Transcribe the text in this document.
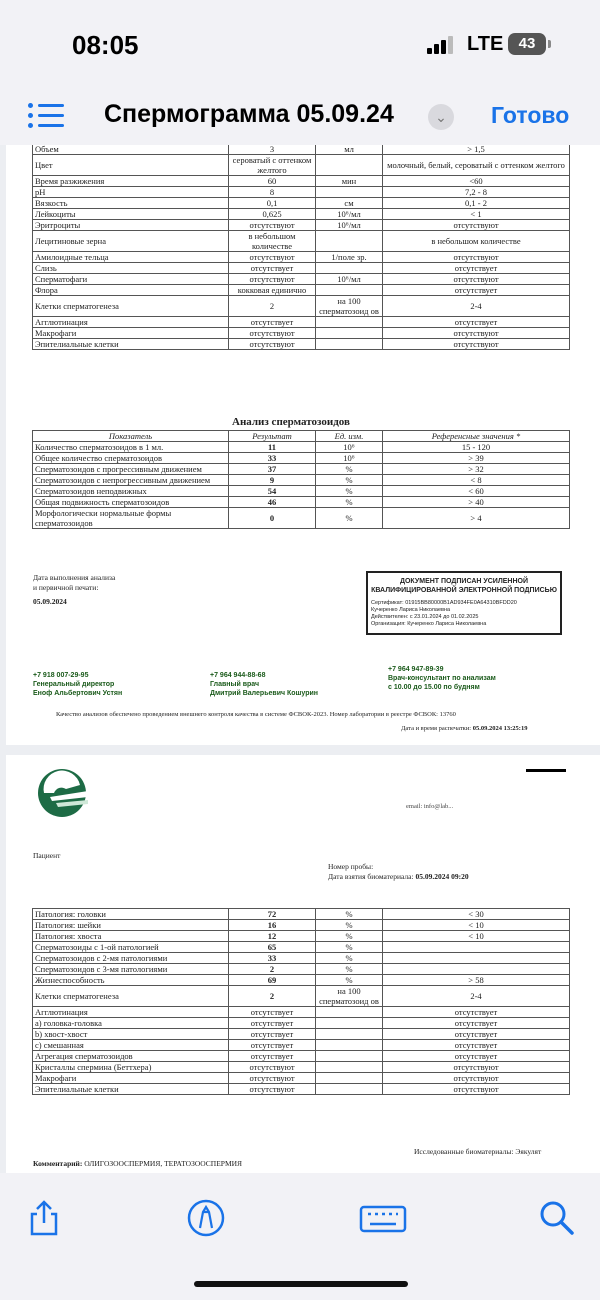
08:05	LTE	43
Спермограмма 05.09.24	⌄	Готово
Объем	3	мл	> 1,5
Цвет	сероватый с оттенком желтого		молочный, белый, сероватый с оттенком желтого
Время разжижения	60	мин	<60
pH	8		7,2 - 8
Вязкость	0,1	см	0,1 - 2
Лейкоциты	0,625	10⁶/мл	< 1
Эритроциты	отсутствуют	10⁶/мл	отсутствуют
Лецитиновые зерна	в небольшом количестве		в небольшом количестве
Амилоидные тельца	отсутствуют	1/поле зр.	отсутствуют
Слизь	отсутствует		отсутствует
Сперматофаги	отсутствуют	10⁶/мл	отсутствуют
Флора	кокковая единично		отсутствует
Клетки сперматогенеза	2	на 100 сперматозоид ов	2-4
Агглютинация	отсутствует		отсутствует
Макрофаги	отсутствуют		отсутствуют
Эпителиальные клетки	отсутствуют		отсутствуют
Анализ сперматозоидов
Показатель	Результат	Ед. изм.	Референсные значения *
Количество сперматозоидов в 1 мл.	11	10⁶	15 - 120
Общее количество сперматозоидов	33	10⁶	> 39
Сперматозоидов с прогрессивным движением	37	%	> 32
Сперматозоидов с непрогрессивным движением	9	%	< 8
Сперматозоидов неподвижных	54	%	< 60
Общая подвижность сперматозоидов	46	%	> 40
Морфологически нормальные формы сперматозоидов	0	%	> 4
Дата выполнения анализа
и первичной печати:
05.09.2024
ДОКУМЕНТ ПОДПИСАН УСИЛЕННОЙ
КВАЛИФИЦИРОВАННОЙ ЭЛЕКТРОННОЙ ПОДПИСЬЮ
Сертификат: 01915BB80000B1AD934FE0A64310BFDD20
Кучеренко Лариса Николаевна
Действителен: с 23.01.2024 до 01.02.2025
Организация: Кучеренко Лариса Николаевна
+7 918 007-29-95
Генеральный директор
Еноф Альбертович Устян
+7 964 944-88-68
Главный врач
Дмитрий Валерьевич Кошурин
+7 964 947-89-39
Врач-консультант по анализам
с 10.00 до 15.00 по будням
Качество анализов обеспечено проведением внешнего контроля качества в системе ФСВОК-2023. Номер лаборатории в реестре ФСВОК: 13760
Дата и время распечатки: 05.09.2024 13:25:19
email: info@lab...
Пациент
Номер пробы:
Дата взятия биоматериала: 05.09.2024 09:20
Патология: головки	72	%	< 30
Патология: шейки	16	%	< 10
Патология: хвоста	12	%	< 10
Сперматозоиды с 1-ой патологией	65	%	
Сперматозоидов с 2-мя патологиями	33	%	
Сперматозоидов с 3-мя патологиями	2	%	
Жизнеспособность	69	%	> 58
Клетки сперматогенеза	2	на 100 сперматозоид ов	2-4
Агглютинация	отсутствует		отсутствует
а) головка-головка	отсутствует		отсутствует
b) хвост-хвост	отсутствует		отсутствует
с) смешанная	отсутствует		отсутствует
Агрегация сперматозоидов	отсутствует		отсутствует
Кристаллы спермина (Беттхера)	отсутствуют		отсутствуют
Макрофаги	отсутствуют		отсутствуют
Эпителиальные клетки	отсутствуют		отсутствуют
Исследованные биоматериалы: Эякулят
Комментарий: ОЛИГОЗООСПЕРМИЯ, ТЕРАТОЗООСПЕРМИЯ
